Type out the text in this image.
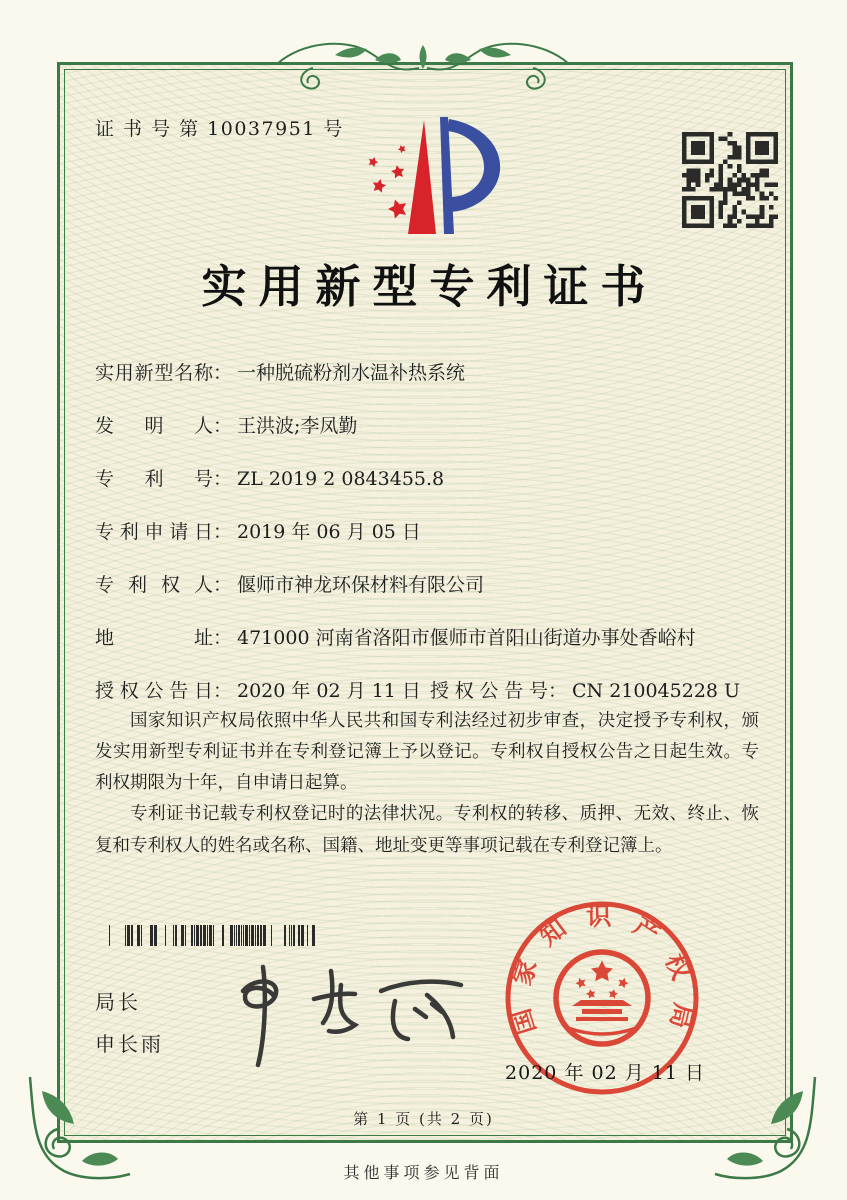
证 书 号 第 10037951 号
实用新型专利证书
实用新型名称： 一种脱硫粉剂水温补热系统
发明人： 王洪波;李凤勤
专利号： ZL 2019 2 0843455.8
专利申请日： 2019 年 06 月 05 日
专利权人： 偃师市神龙环保材料有限公司
地址： 471000 河南省洛阳市偃师市首阳山街道办事处香峪村
授权公告日： 2020 年 02 月 11 日 授权公告号： CN 210045228 U

国家知识产权局依照中华人民共和国专利法经过初步审查，决定授予专利权，颁发实用新型专利证书并在专利登记簿上予以登记。专利权自授权公告之日起生效。专利权期限为十年，自申请日起算。

专利证书记载专利权登记时的法律状况。专利权的转移、质押、无效、终止、恢复和专利权人的姓名或名称、国籍、地址变更等事项记载在专利登记簿上。

局长
申长雨
国
家
知 识 产
权
局
2020 年 02 月 11 日
第 1 页 (共 2 页)
其他事项参见背面
